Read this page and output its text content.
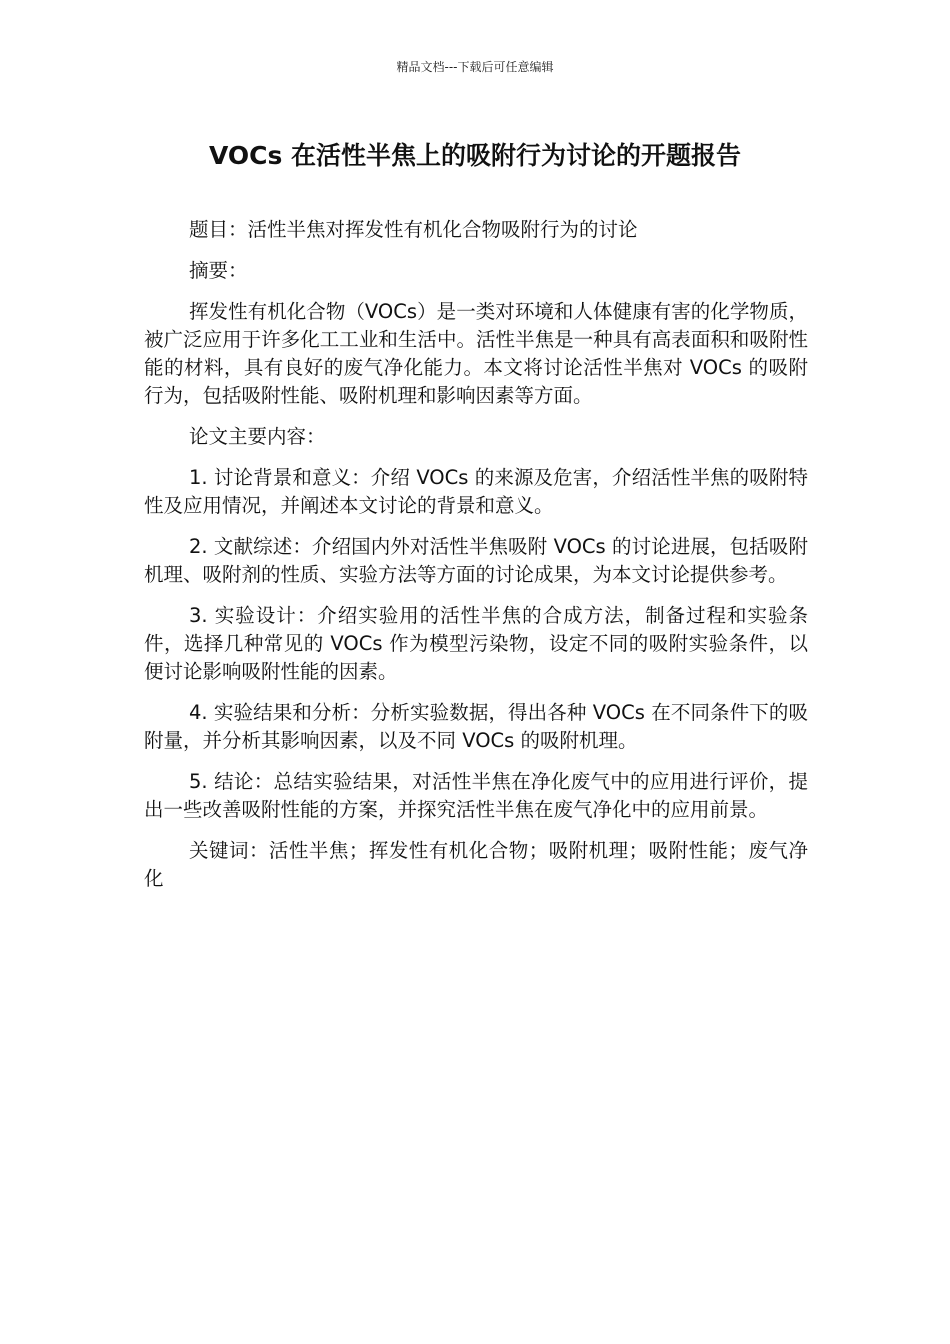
精品文档---下载后可任意编辑
VOCs 在活性半焦上的吸附行为讨论的开题报告

题目：活性半焦对挥发性有机化合物吸附行为的讨论

摘要：

挥发性有机化合物（VOCs）是一类对环境和人体健康有害的化学物质，被广泛应用于许多化工工业和生活中。活性半焦是一种具有高表面积和吸附性能的材料，具有良好的废气净化能力。本文将讨论活性半焦对 VOCs 的吸附行为，包括吸附性能、吸附机理和影响因素等方面。

论文主要内容：

1. 讨论背景和意义：介绍 VOCs 的来源及危害，介绍活性半焦的吸附特性及应用情况，并阐述本文讨论的背景和意义。

2. 文献综述：介绍国内外对活性半焦吸附 VOCs 的讨论进展，包括吸附机理、吸附剂的性质、实验方法等方面的讨论成果，为本文讨论提供参考。

3. 实验设计：介绍实验用的活性半焦的合成方法，制备过程和实验条件，选择几种常见的 VOCs 作为模型污染物，设定不同的吸附实验条件，以便讨论影响吸附性能的因素。

4. 实验结果和分析：分析实验数据，得出各种 VOCs 在不同条件下的吸附量，并分析其影响因素，以及不同 VOCs 的吸附机理。

5. 结论：总结实验结果，对活性半焦在净化废气中的应用进行评价，提出一些改善吸附性能的方案，并探究活性半焦在废气净化中的应用前景。

关键词：活性半焦；挥发性有机化合物；吸附机理；吸附性能；废气净化
